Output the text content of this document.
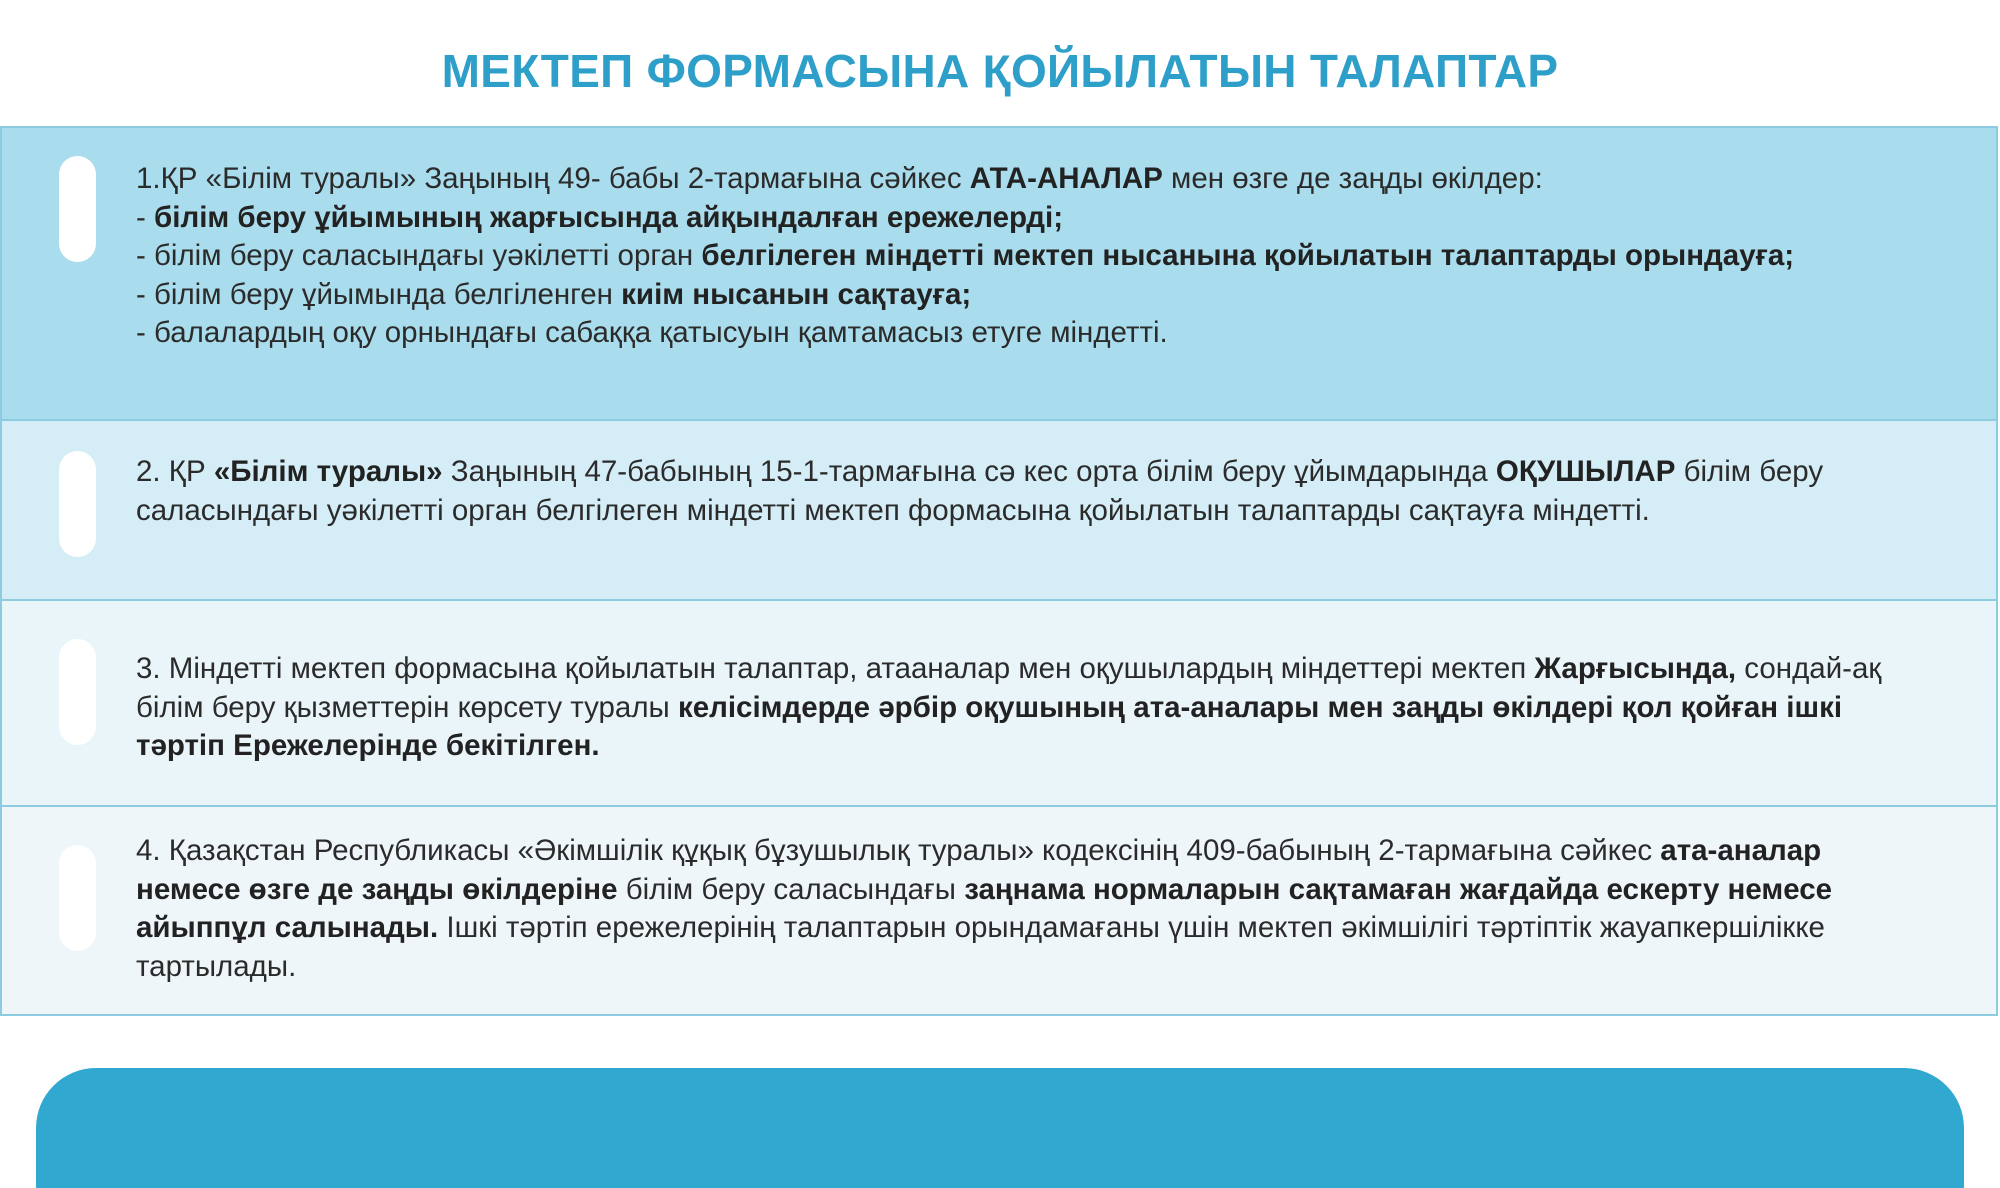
МЕКТЕП ФОРМАСЫНА ҚОЙЫЛАТЫН ТАЛАПТАР
1.ҚР «Білім туралы» Заңының 49- бабы 2-тармағына сәйкес АТА-АНАЛАР мен өзге де заңды өкілдер:
- білім беру ұйымының жарғысында айқындалған ережелерді;
- білім беру саласындағы уәкілетті орган белгілеген міндетті мектеп нысанына қойылатын талаптарды орындауға;
- білім беру ұйымында белгіленген киім нысанын сақтауға;
- балалардың оқу орнындағы сабаққа қатысуын қамтамасыз етуге міндетті.
2. ҚР «Білім туралы» Заңының 47-бабының 15-1-тармағына сә кес орта білім беру ұйымдарында ОҚУШЫЛАР білім беру саласындағы уәкілетті орган белгілеген міндетті мектеп формасына қойылатын талаптарды сақтауға міндетті.
3. Міндетті мектеп формасына қойылатын талаптар, атааналар мен оқушылардың міндеттері мектеп Жарғысында, сондай-ақ білім беру қызметтерін көрсету туралы келісімдерде әрбір оқушының ата-аналары мен заңды өкілдері қол қойған ішкі тәртіп Ережелерінде бекітілген.
4. Қазақстан Республикасы «Әкімшілік құқық бұзушылық туралы» кодексінің 409-бабының 2-тармағына сәйкес ата-аналар немесе өзге де заңды өкілдеріне білім беру саласындағы заңнама нормаларын сақтамаған жағдайда ескерту немесе айыппұл салынады. Ішкі тәртіп ережелерінің талаптарын орындамағаны үшін мектеп әкімшілігі тәртіптік жауапкершілікке тартылады.
